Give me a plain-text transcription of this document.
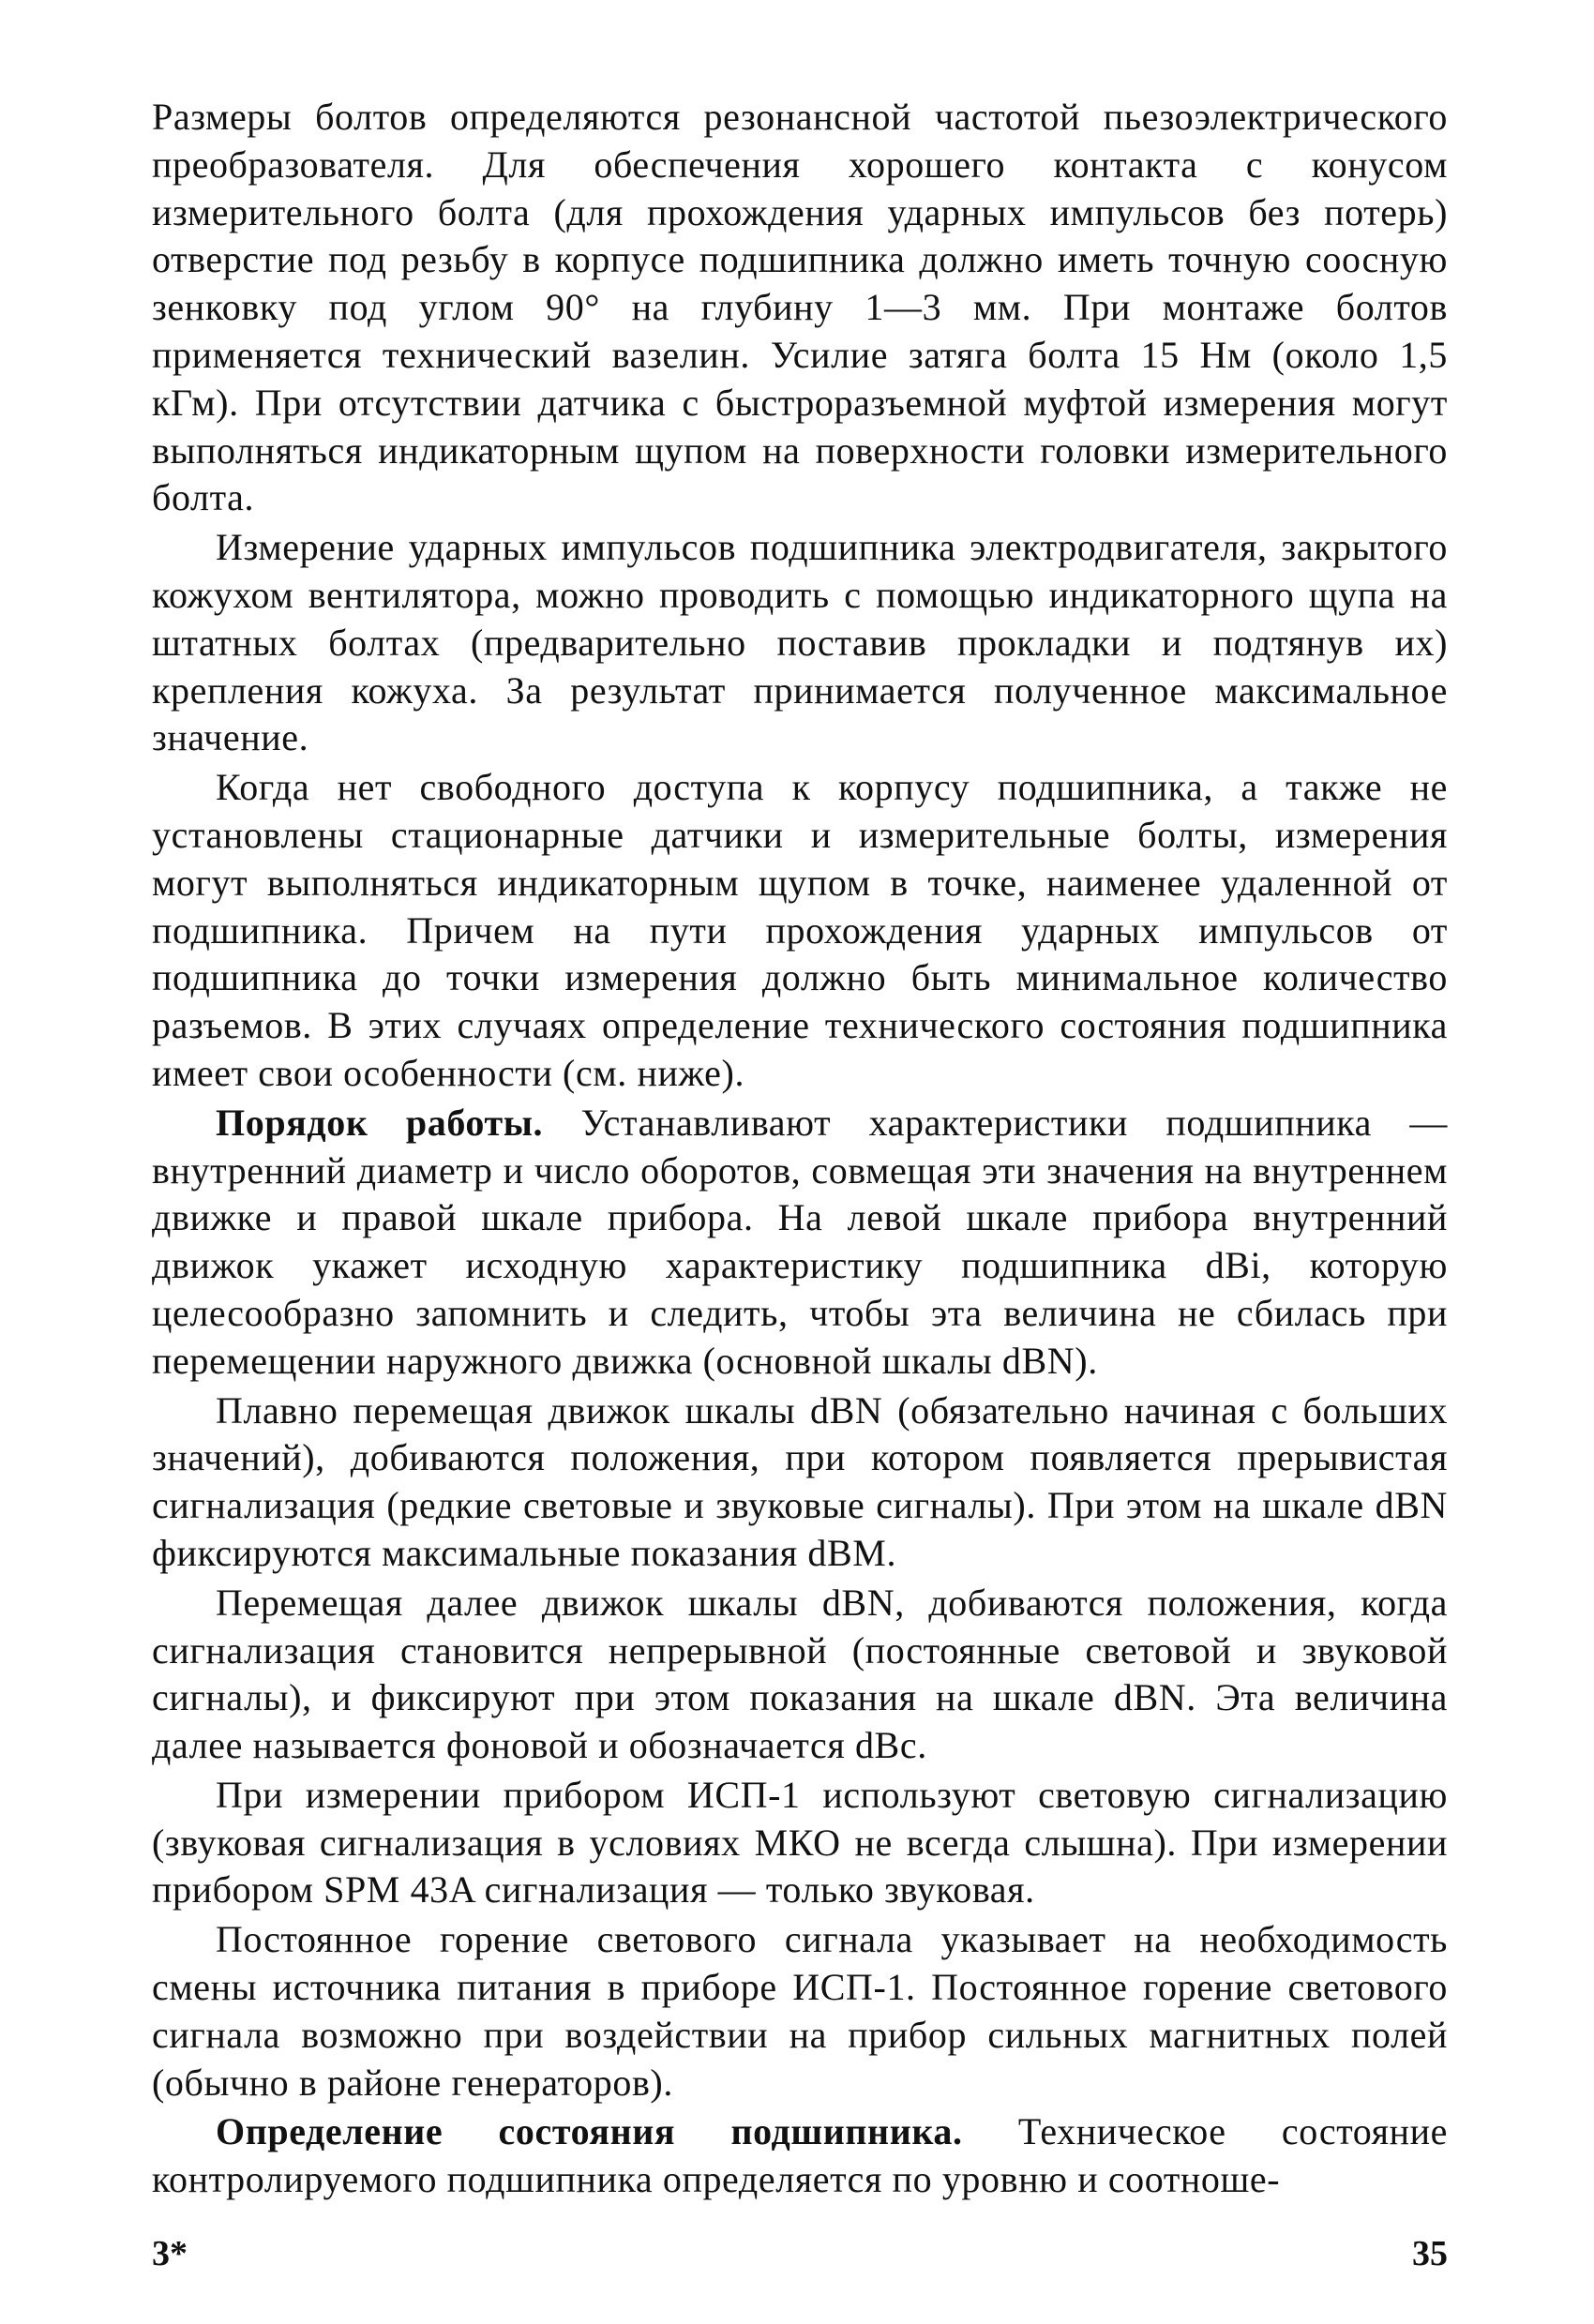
Размеры болтов определяются резонансной частотой пьезоэлектрического преобразователя. Для обеспечения хорошего контакта с конусом измерительного болта (для прохождения ударных импульсов без потерь) отверстие под резьбу в корпусе подшипника должно иметь точную соосную зенковку под углом 90° на глубину 1—3 мм. При монтаже болтов применяется технический вазелин. Усилие затяга болта 15 Нм (около 1,5 кГм). При отсутствии датчика с быстроразъемной муфтой измерения могут выполняться индикаторным щупом на поверхности головки измерительного болта.

Измерение ударных импульсов подшипника электродвигателя, закрытого кожухом вентилятора, можно проводить с помощью индикаторного щупа на штатных болтах (предварительно поставив прокладки и подтянув их) крепления кожуха. За результат принимается полученное максимальное значение.

Когда нет свободного доступа к корпусу подшипника, а также не установлены стационарные датчики и измерительные болты, измерения могут выполняться индикаторным щупом в точке, наименее удаленной от подшипника. Причем на пути прохождения ударных импульсов от подшипника до точки измерения должно быть минимальное количество разъемов. В этих случаях определение технического состояния подшипника имеет свои особенности (см. ниже).

Порядок работы. Устанавливают характеристики подшипника — внутренний диаметр и число оборотов, совмещая эти значения на внутреннем движке и правой шкале прибора. На левой шкале прибора внутренний движок укажет исходную характеристику подшипника dBi, которую целесообразно запомнить и следить, чтобы эта величина не сбилась при перемещении наружного движка (основной шкалы dBN).

Плавно перемещая движок шкалы dBN (обязательно начиная с больших значений), добиваются положения, при котором появляется прерывистая сигнализация (редкие световые и звуковые сигналы). При этом на шкале dBN фиксируются максимальные показания dBM.

Перемещая далее движок шкалы dBN, добиваются положения, когда сигнализация становится непрерывной (постоянные световой и звуковой сигналы), и фиксируют при этом показания на шкале dBN. Эта величина далее называется фоновой и обозначается dBc.

При измерении прибором ИСП-1 используют световую сигнализацию (звуковая сигнализация в условиях МКО не всегда слышна). При измерении прибором SPM 43A сигнализация — только звуковая.

Постоянное горение светового сигнала указывает на необходимость смены источника питания в приборе ИСП-1. Постоянное горение светового сигнала возможно при воздействии на прибор сильных магнитных полей (обычно в районе генераторов).

Определение состояния подшипника. Техническое состояние контролируемого подшипника определяется по уровню и соотноше-

3*	35
